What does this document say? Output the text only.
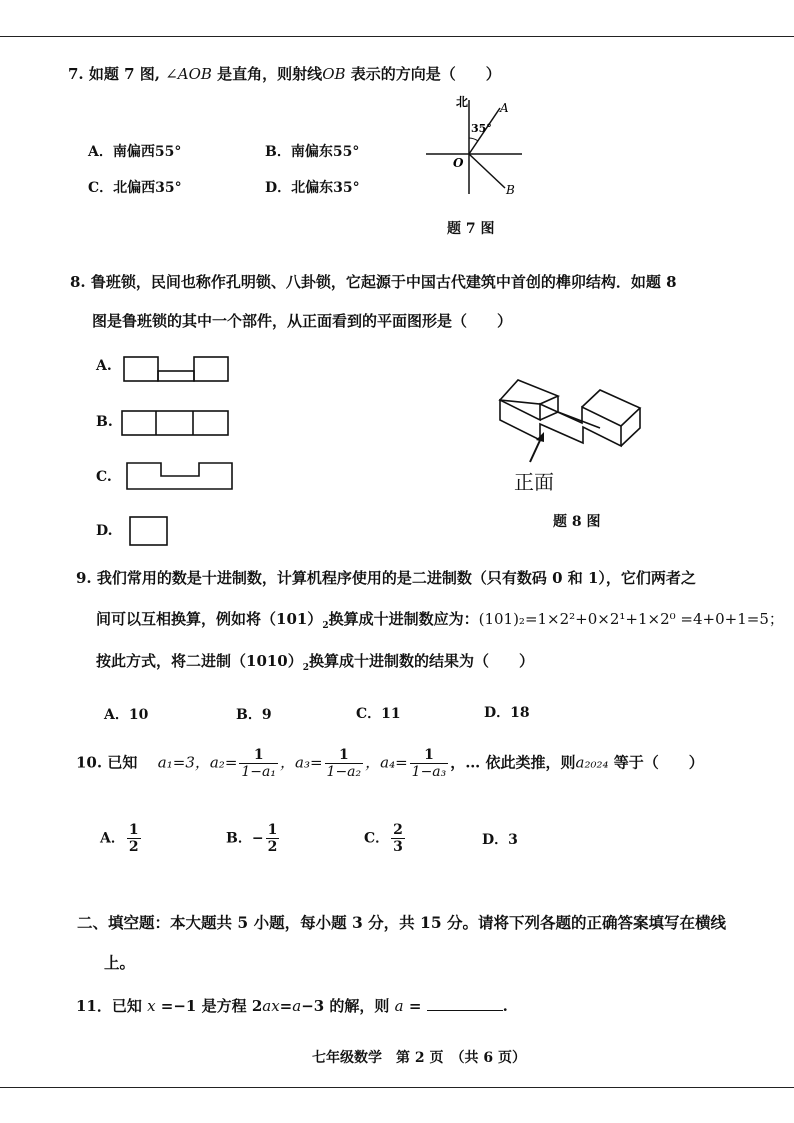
7. 如题 7 图, ∠AOB 是直角，则射线OB 表示的方向是（　　）
A．南偏西55°	B．南偏东55°
C．北偏西35°	D．北偏东35°
北
35°
A
O
B
题 7 图
8. 鲁班锁，民间也称作孔明锁、八卦锁，它起源于中国古代建筑中首创的榫卯结构．如题 8
图是鲁班锁的其中一个部件，从正面看到的平面图形是（　　）
A.
B.
C.
D.
正面
题 8 图
9. 我们常用的数是十进制数，计算机程序使用的是二进制数（只有数码 0 和 1），它们两者之
间可以互相换算，例如将$(101)_2$换算成十进制数应为：(101)₂=1×2²+0×2¹+1×2⁰ =4+0+1=5；
按此方式，将二进制$(1010)_2$换算成十进制数的结果为（　　）
A．10	B．9	C．11	D．18
10. 已知 a₁=3，$a_2= \frac{1}{\text{1−a₁}}$ ，$a_3= \frac{1}{\text{1−a₂}}$ ，$a_4= \frac{1}{\text{1−a₃}}$ ，… 依此类推，则a₂₀₂₄ 等于（　　）
A． $\frac{1}{2}$	B．− $\frac{1}{2}$	C． $\frac{2}{3}$	D．3
二、填空题：本大题共 5 小题，每小题 3 分，共 15 分。请将下列各题的正确答案填写在横线
上。
11．已知 x =−1 是方程 2ax=a−3 的解，则 a =	.
七年级数学　第 2 页　（共 6 页）
